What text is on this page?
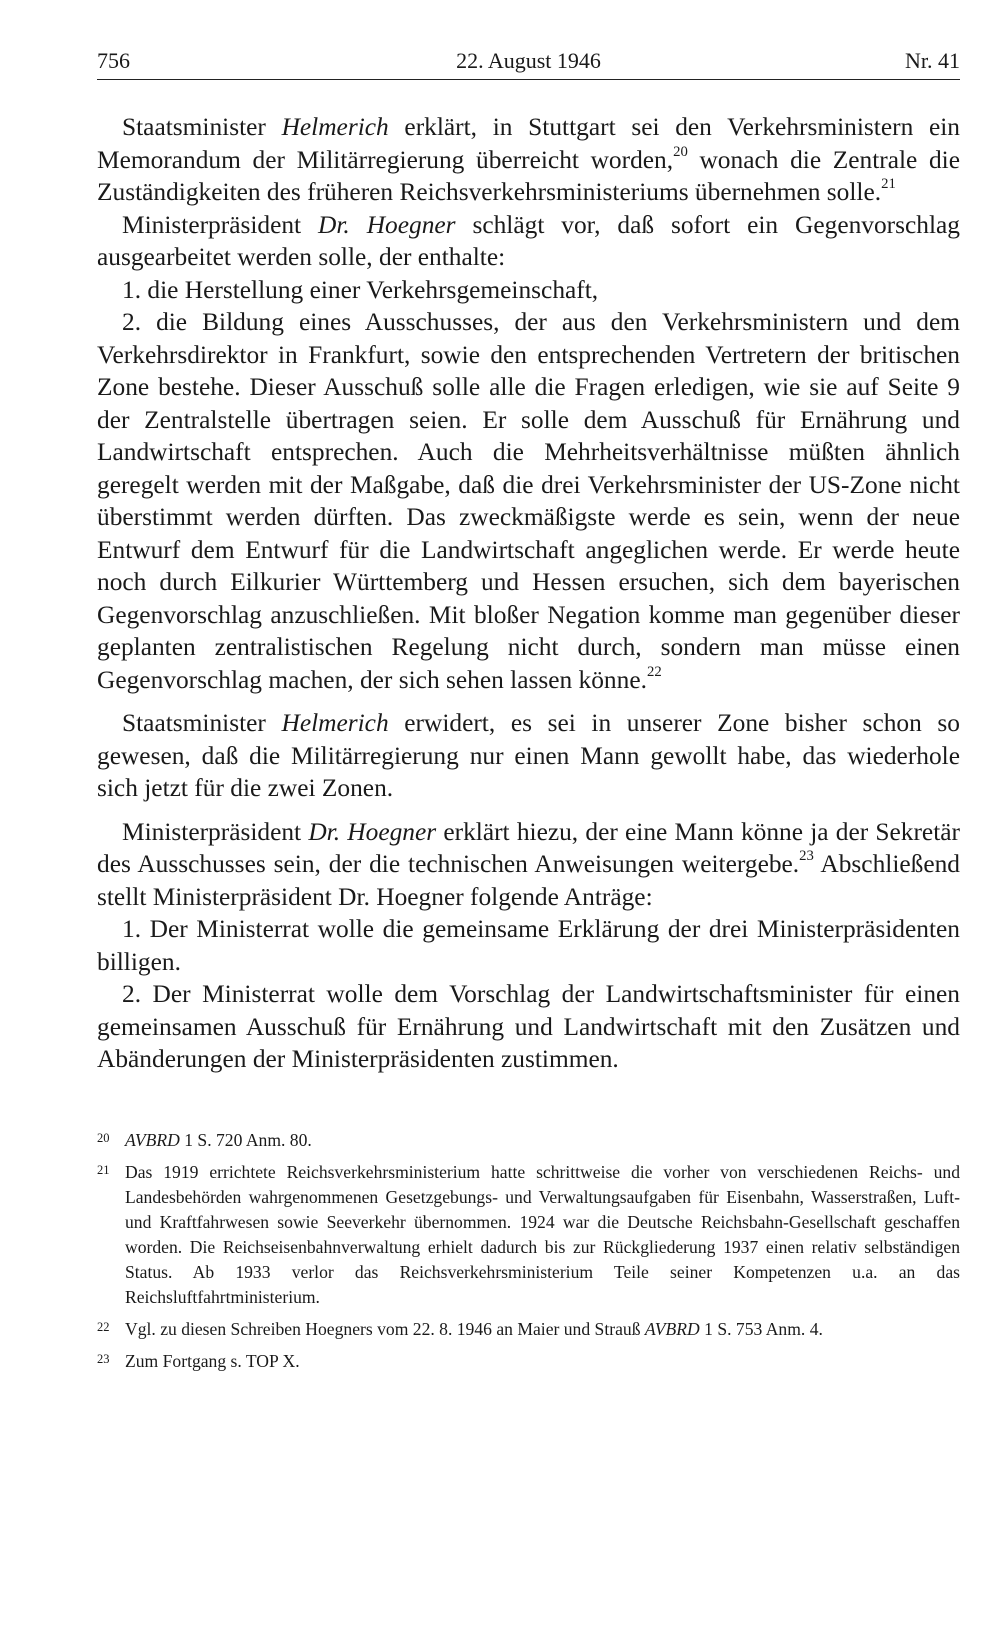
756	22. August 1946	Nr. 41

Staatsminister Helmerich erklärt, in Stuttgart sei den Verkehrsministern ein Memorandum der Militärregierung überreicht worden,$^{20}$ wonach die Zentrale die Zuständigkeiten des früheren Reichsverkehrsministeriums übernehmen solle.$^{21}$

Ministerpräsident Dr. Hoegner schlägt vor, daß sofort ein Gegenvorschlag ausgearbeitet werden solle, der enthalte:

1. die Herstellung einer Verkehrsgemeinschaft,

2. die Bildung eines Ausschusses, der aus den Verkehrsministern und dem Verkehrsdirektor in Frankfurt, sowie den entsprechenden Vertretern der britischen Zone bestehe. Dieser Ausschuß solle alle die Fragen erledigen, wie sie auf Seite 9 der Zentralstelle übertragen seien. Er solle dem Ausschuß für Ernährung und Landwirtschaft entsprechen. Auch die Mehrheitsverhältnisse müßten ähnlich geregelt werden mit der Maßgabe, daß die drei Verkehrsminister der US-Zone nicht überstimmt werden dürften. Das zweckmäßigste werde es sein, wenn der neue Entwurf dem Entwurf für die Landwirtschaft angeglichen werde. Er werde heute noch durch Eilkurier Württemberg und Hessen ersuchen, sich dem bayerischen Gegenvorschlag anzuschließen. Mit bloßer Negation komme man gegenüber dieser geplanten zentralistischen Regelung nicht durch, sondern man müsse einen Gegenvorschlag machen, der sich sehen lassen könne.$^{22}$

Staatsminister Helmerich erwidert, es sei in unserer Zone bisher schon so gewesen, daß die Militärregierung nur einen Mann gewollt habe, das wiederhole sich jetzt für die zwei Zonen.

Ministerpräsident Dr. Hoegner erklärt hiezu, der eine Mann könne ja der Sekretär des Ausschusses sein, der die technischen Anweisungen weitergebe.$^{23}$ Abschließend stellt Ministerpräsident Dr. Hoegner folgende Anträge:

1. Der Ministerrat wolle die gemeinsame Erklärung der drei Ministerpräsidenten billigen.

2. Der Ministerrat wolle dem Vorschlag der Landwirtschaftsminister für einen gemeinsamen Ausschuß für Ernährung und Landwirtschaft mit den Zusätzen und Abänderungen der Ministerpräsidenten zustimmen.

20 AVBRD 1 S. 720 Anm. 80.
21 Das 1919 errichtete Reichsverkehrsministerium hatte schrittweise die vorher von verschiedenen Reichs- und Landesbehörden wahrgenommenen Gesetzgebungs- und Verwaltungsaufgaben für Eisenbahn, Wasserstraßen, Luft- und Kraftfahrwesen sowie Seeverkehr übernommen. 1924 war die Deutsche Reichsbahn-Gesellschaft geschaffen worden. Die Reichseisenbahnverwaltung erhielt dadurch bis zur Rückgliederung 1937 einen relativ selbständigen Status. Ab 1933 verlor das Reichsverkehrsministerium Teile seiner Kompetenzen u.a. an das Reichsluftfahrtministerium.
22 Vgl. zu diesen Schreiben Hoegners vom 22. 8. 1946 an Maier und Strauß AVBRD 1 S. 753 Anm. 4.
23 Zum Fortgang s. TOP X.
